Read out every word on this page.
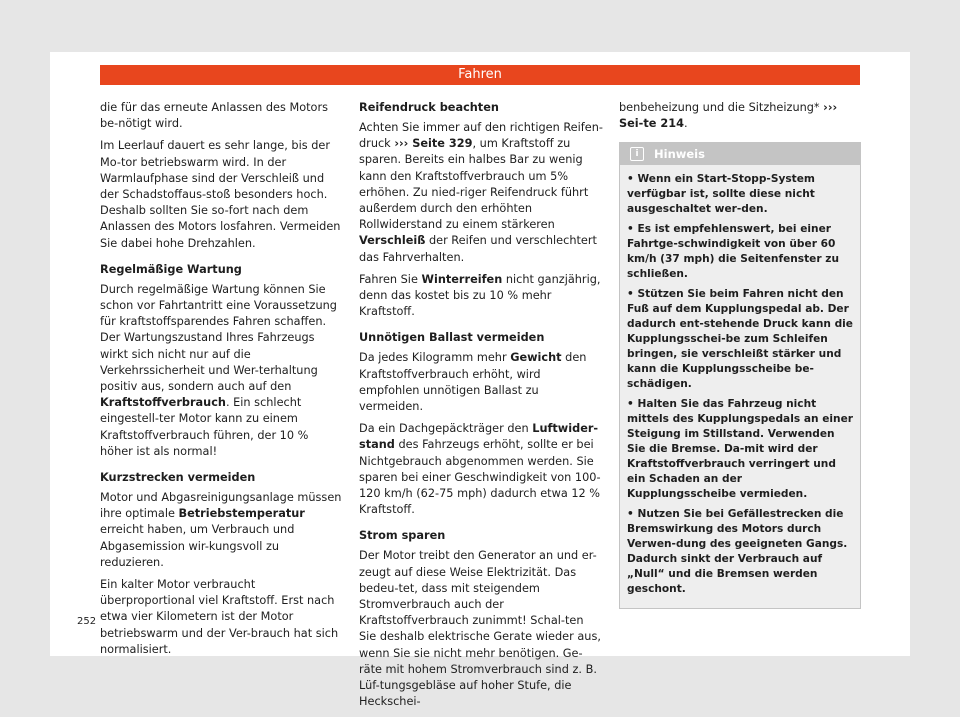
Fahren

die für das erneute Anlassen des Motors be-nötigt wird.

Im Leerlauf dauert es sehr lange, bis der Mo-tor betriebswarm wird. In der Warmlaufphase sind der Verschleiß und der Schadstoffaus-stoß besonders hoch. Deshalb sollten Sie so-fort nach dem Anlassen des Motors losfahren. Vermeiden Sie dabei hohe Drehzahlen.

Regelmäßige Wartung

Durch regelmäßige Wartung können Sie schon vor Fahrtantritt eine Voraussetzung für kraftstoffsparendes Fahren schaffen. Der Wartungszustand Ihres Fahrzeugs wirkt sich nicht nur auf die Verkehrssicherheit und Wer-terhaltung positiv aus, sondern auch auf den Kraftstoffverbrauch. Ein schlecht eingestell-ter Motor kann zu einem Kraftstoffverbrauch führen, der 10 % höher ist als normal!

Kurzstrecken vermeiden

Motor und Abgasreinigungsanlage müssen ihre optimale Betriebstemperatur erreicht haben, um Verbrauch und Abgasemission wir-kungsvoll zu reduzieren.

Ein kalter Motor verbraucht überproportional viel Kraftstoff. Erst nach etwa vier Kilometern ist der Motor betriebswarm und der Ver-brauch hat sich normalisiert.

Reifendruck beachten

Achten Sie immer auf den richtigen Reifen-druck ››› Seite 329, um Kraftstoff zu sparen. Bereits ein halbes Bar zu wenig kann den Kraftstoffverbrauch um 5% erhöhen. Zu nied-riger Reifendruck führt außerdem durch den erhöhten Rollwiderstand zu einem stärkeren Verschleiß der Reifen und verschlechtert das Fahrverhalten.

Fahren Sie Winterreifen nicht ganzjährig, denn das kostet bis zu 10 % mehr Kraftstoff.

Unnötigen Ballast vermeiden

Da jedes Kilogramm mehr Gewicht den Kraftstoffverbrauch erhöht, wird empfohlen unnötigen Ballast zu vermeiden.

Da ein Dachgepäckträger den Luftwider-stand des Fahrzeugs erhöht, sollte er bei Nichtgebrauch abgenommen werden. Sie sparen bei einer Geschwindigkeit von 100-120 km/h (62-75 mph) dadurch etwa 12 % Kraftstoff.

Strom sparen

Der Motor treibt den Generator an und er-zeugt auf diese Weise Elektrizität. Das bedeu-tet, dass mit steigendem Stromverbrauch auch der Kraftstoffverbrauch zunimmt! Schal-ten Sie deshalb elektrische Gerate wieder aus, wenn Sie sie nicht mehr benötigen. Ge-räte mit hohem Stromverbrauch sind z. B. Lüf-tungsgebläse auf hoher Stufe, die Heckschei-

benbeheizung und die Sitzheizung* ››› Sei-te 214.

i	Hinweis
• Wenn ein Start-Stopp-System verfügbar ist, sollte diese nicht ausgeschaltet wer-den.
• Es ist empfehlenswert, bei einer Fahrtge-schwindigkeit von über 60 km/h (37 mph) die Seitenfenster zu schließen.
• Stützen Sie beim Fahren nicht den Fuß auf dem Kupplungspedal ab. Der dadurch ent-stehende Druck kann die Kupplungsschei-be zum Schleifen bringen, sie verschleißt stärker und kann die Kupplungsscheibe be-schädigen.
• Halten Sie das Fahrzeug nicht mittels des Kupplungspedals an einer Steigung im Stillstand. Verwenden Sie die Bremse. Da-mit wird der Kraftstoffverbrauch verringert und ein Schaden an der Kupplungsscheibe vermieden.
• Nutzen Sie bei Gefällestrecken die Bremswirkung des Motors durch Verwen-dung des geeigneten Gangs. Dadurch sinkt der Verbrauch auf „Null“ und die Bremsen werden geschont.
252
